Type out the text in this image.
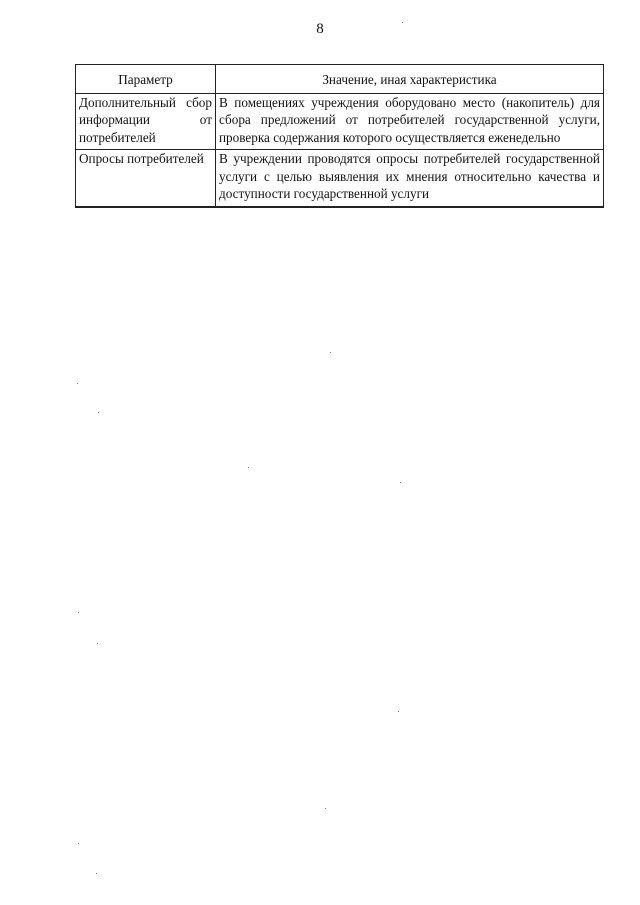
8
Параметр	Значение, иная характеристика
Дополнительный сбор информации от потребителей	В помещениях учреждения оборудовано место (накопитель) для сбора предложений от потребителей государственной услуги, проверка содержания которого осуществляется еженедельно
Опросы потребителей	В учреждении проводятся опросы потребителей государственной услуги с целью выявления их мнения относительно качества и доступности государственной услуги
